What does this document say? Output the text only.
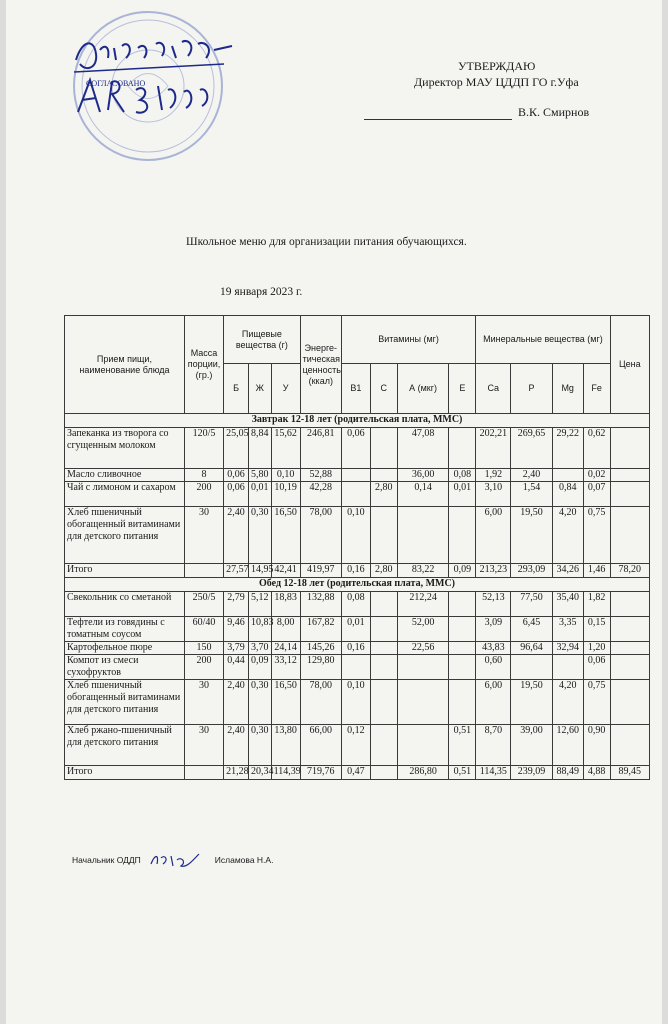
СОГЛАСОВАНО
УТВЕРЖДАЮ
Директор МАУ ЦДДП ГО г.Уфа
В.К. Смирнов
Школьное меню для организации питания обучающихся.
19 января 2023 г.
Прием пищи, наименование блюда	Масса порции, (гр.)	Пищевые вещества (г)			Энерге-тическая ценность (ккал)	Витамины (мг)				Минеральные вещества (мг)				Цена
		Б	Ж	У		В1	С	А (мкг)	Е	Ca	P	Mg	Fe	
Завтрак 12-18 лет (родительская плата, ММС)														
Запеканка из творога со сгущенным молоком	120/5	25,05	8,84	15,62	246,81	0,06		47,08		202,21	269,65	29,22	0,62	
Масло сливочное	8	0,06	5,80	0,10	52,88			36,00	0,08	1,92	2,40		0,02	
Чай с лимоном и сахаром	200	0,06	0,01	10,19	42,28		2,80	0,14	0,01	3,10	1,54	0,84	0,07	
Хлеб пшеничный обогащенный витаминами для детского питания	30	2,40	0,30	16,50	78,00	0,10				6,00	19,50	4,20	0,75	
Итого		27,57	14,95	42,41	419,97	0,16	2,80	83,22	0,09	213,23	293,09	34,26	1,46	78,20
Обед 12-18 лет (родительская плата, ММС)														
Свекольник со сметаной	250/5	2,79	5,12	18,83	132,88	0,08		212,24		52,13	77,50	35,40	1,82	
Тефтели из говядины с томатным соусом	60/40	9,46	10,83	8,00	167,82	0,01		52,00		3,09	6,45	3,35	0,15	
Картофельное пюре	150	3,79	3,70	24,14	145,26	0,16		22,56		43,83	96,64	32,94	1,20	
Компот из смеси сухофруктов	200	0,44	0,09	33,12	129,80					0,60			0,06	
Хлеб пшеничный обогащенный витаминами для детского питания	30	2,40	0,30	16,50	78,00	0,10				6,00	19,50	4,20	0,75	
Хлеб ржано-пшеничный для детского питания	30	2,40	0,30	13,80	66,00	0,12			0,51	8,70	39,00	12,60	0,90	
Итого		21,28	20,34	114,39	719,76	0,47		286,80	0,51	114,35	239,09	88,49	4,88	89,45
Начальник ОДДП	Исламова Н.А.
